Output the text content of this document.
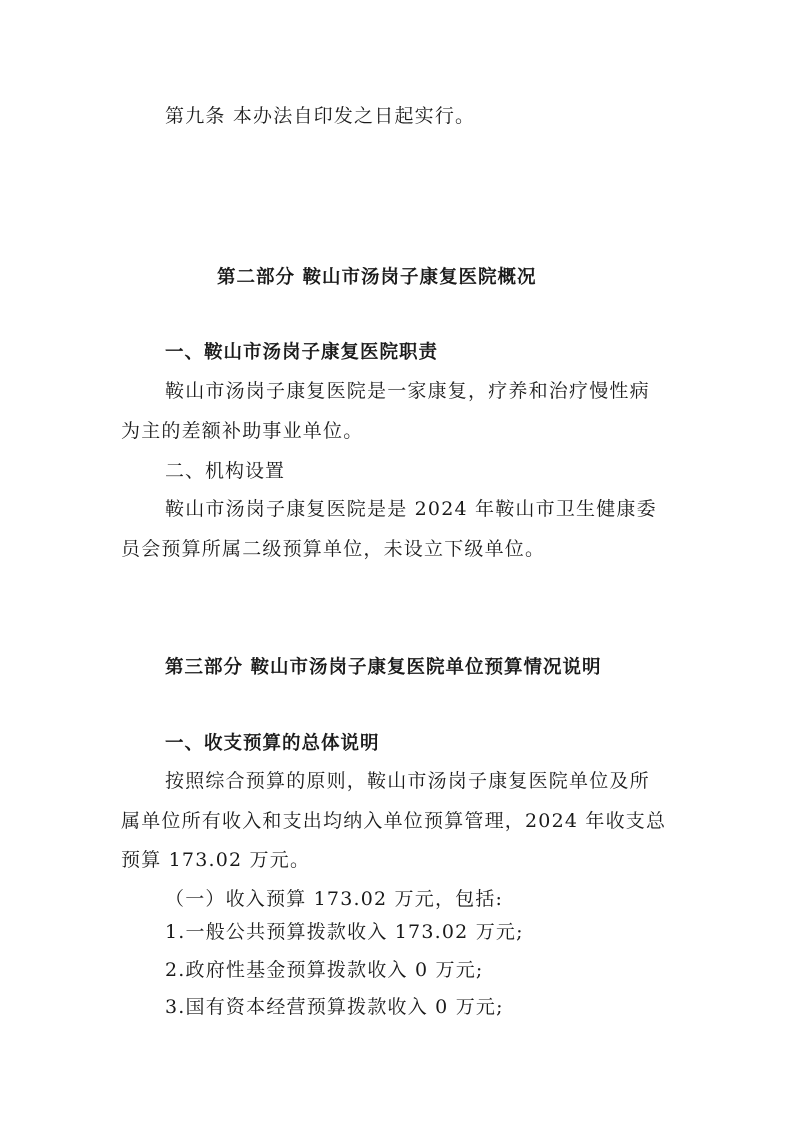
第九条 本办法自印发之日起实行。
第二部分 鞍山市汤岗子康复医院概况
一、鞍山市汤岗子康复医院职责
鞍山市汤岗子康复医院是一家康复，疗养和治疗慢性病
为主的差额补助事业单位。
二、机构设置
鞍山市汤岗子康复医院是是 2024 年鞍山市卫生健康委
员会预算所属二级预算单位，未设立下级单位。
第三部分 鞍山市汤岗子康复医院单位预算情况说明
一、收支预算的总体说明
按照综合预算的原则，鞍山市汤岗子康复医院单位及所
属单位所有收入和支出均纳入单位预算管理，2024 年收支总
预算 173.02 万元。
（一）收入预算 173.02 万元，包括:
1.一般公共预算拨款收入 173.02 万元;
2.政府性基金预算拨款收入 0 万元;
3.国有资本经营预算拨款收入 0 万元;
